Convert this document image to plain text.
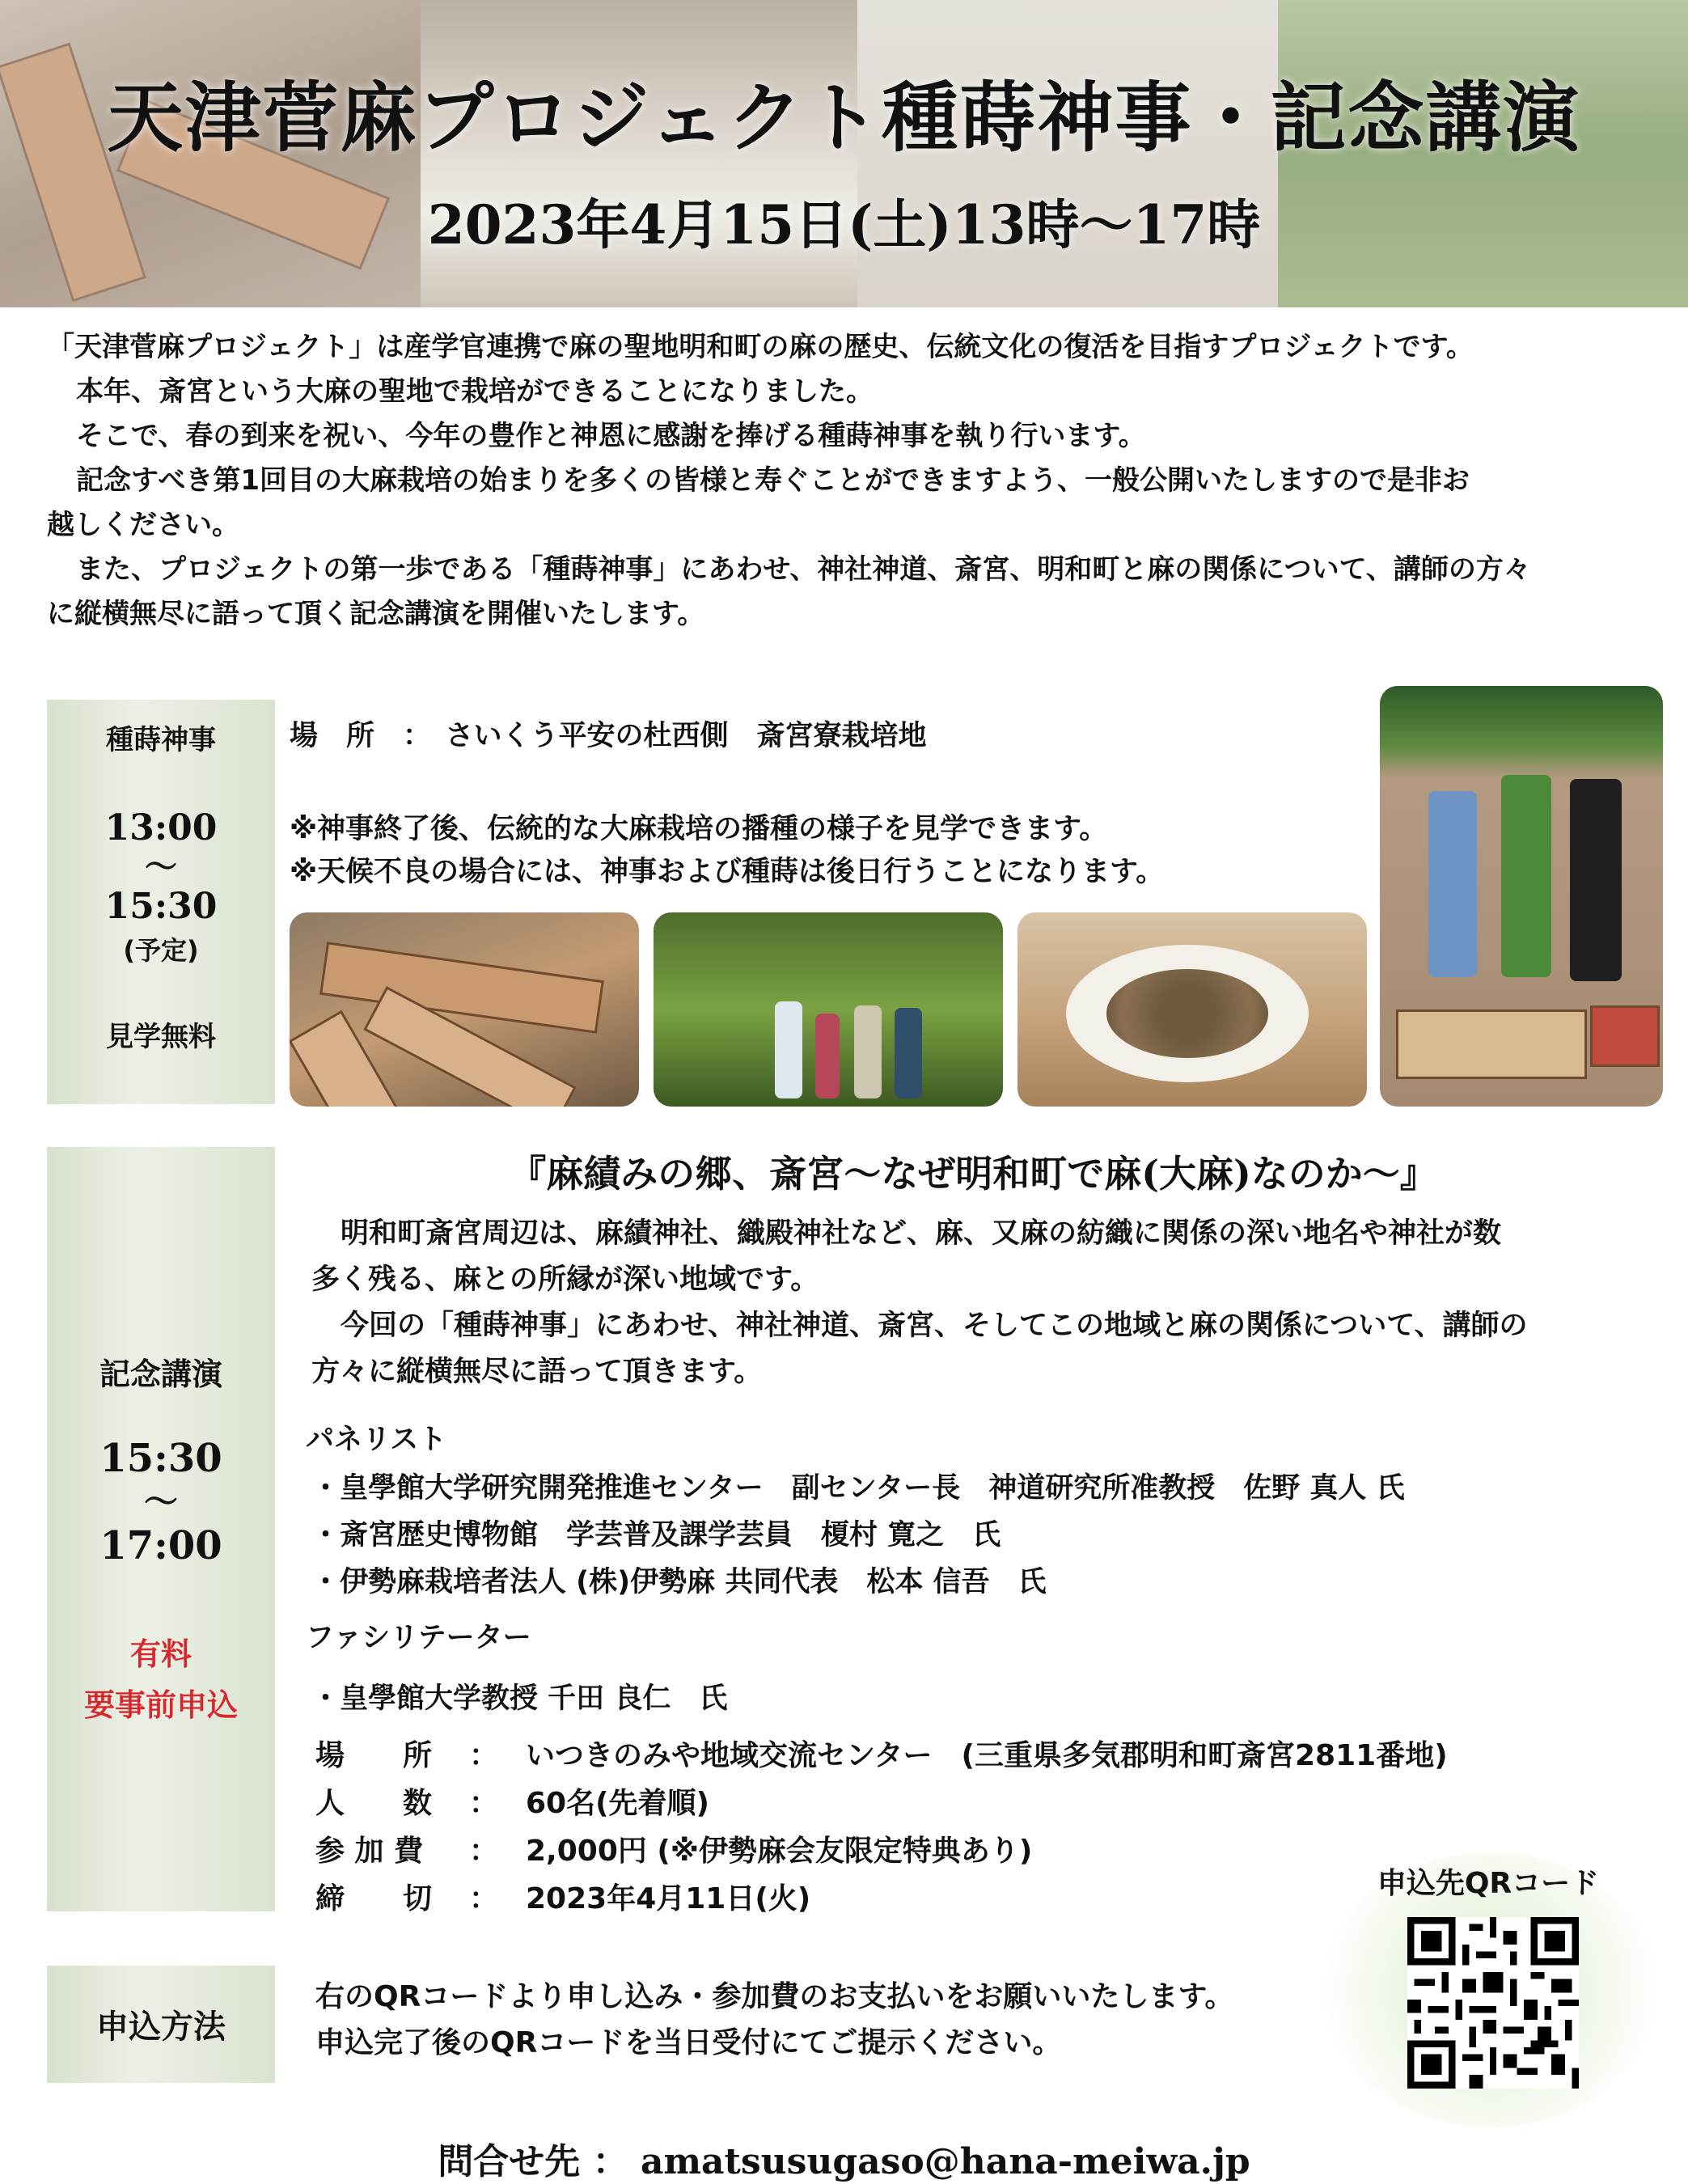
天津菅麻プロジェクト種蒔神事・記念講演
2023年4月15日(土)13時～17時

「天津菅麻プロジェクト」は産学官連携で麻の聖地明和町の麻の歴史、伝統文化の復活を目指すプロジェクトです。

本年、斎宮という大麻の聖地で栽培ができることになりました。

そこで、春の到来を祝い、今年の豊作と神恩に感謝を捧げる種蒔神事を執り行います。

記念すべき第1回目の大麻栽培の始まりを多くの皆様と寿ぐことができますよう、一般公開いたしますので是非お

越しください。

また、プロジェクトの第一歩である「種蒔神事」にあわせ、神社神道、斎宮、明和町と麻の関係について、講師の方々

に縦横無尽に語って頂く記念講演を開催いたします。

種蒔神事
13:00
～
15:30
(予定)
見学無料
場　所　：　さいくう平安の杜西側　斎宮寮栽培地
※神事終了後、伝統的な大麻栽培の播種の様子を見学できます。
※天候不良の場合には、神事および種蒔は後日行うことになります。
記念講演
15:30
～
17:00
有料
要事前申込
『麻績みの郷、斎宮～なぜ明和町で麻(大麻)なのか～』

明和町斎宮周辺は、麻績神社、織殿神社など、麻、又麻の紡織に関係の深い地名や神社が数

多く残る、麻との所縁が深い地域です。

今回の「種蒔神事」にあわせ、神社神道、斎宮、そしてこの地域と麻の関係について、講師の

方々に縦横無尽に語って頂きます。

パネリスト
・皇學館大学研究開発推進センター　副センター長　神道研究所准教授　佐野 真人 氏
・斎宮歴史博物館　学芸普及課学芸員　榎村 寛之　氏
・伊勢麻栽培者法人 (株)伊勢麻 共同代表　松本 信吾　氏
ファシリテーター
・皇學館大学教授 千田 良仁　氏
場　　所 ： いつきのみや地域交流センター　(三重県多気郡明和町斎宮2811番地)
人　　数 ： 60名(先着順)
参 加 費 ： 2,000円 (※伊勢麻会友限定特典あり)
締　　切 ： 2023年4月11日(火)
申込方法
右のQRコードより申し込み・参加費のお支払いをお願いいたします。
申込完了後のQRコードを当日受付にてご提示ください。
申込先QRコード
問合せ先 ： amatsusugaso@hana-meiwa.jp
